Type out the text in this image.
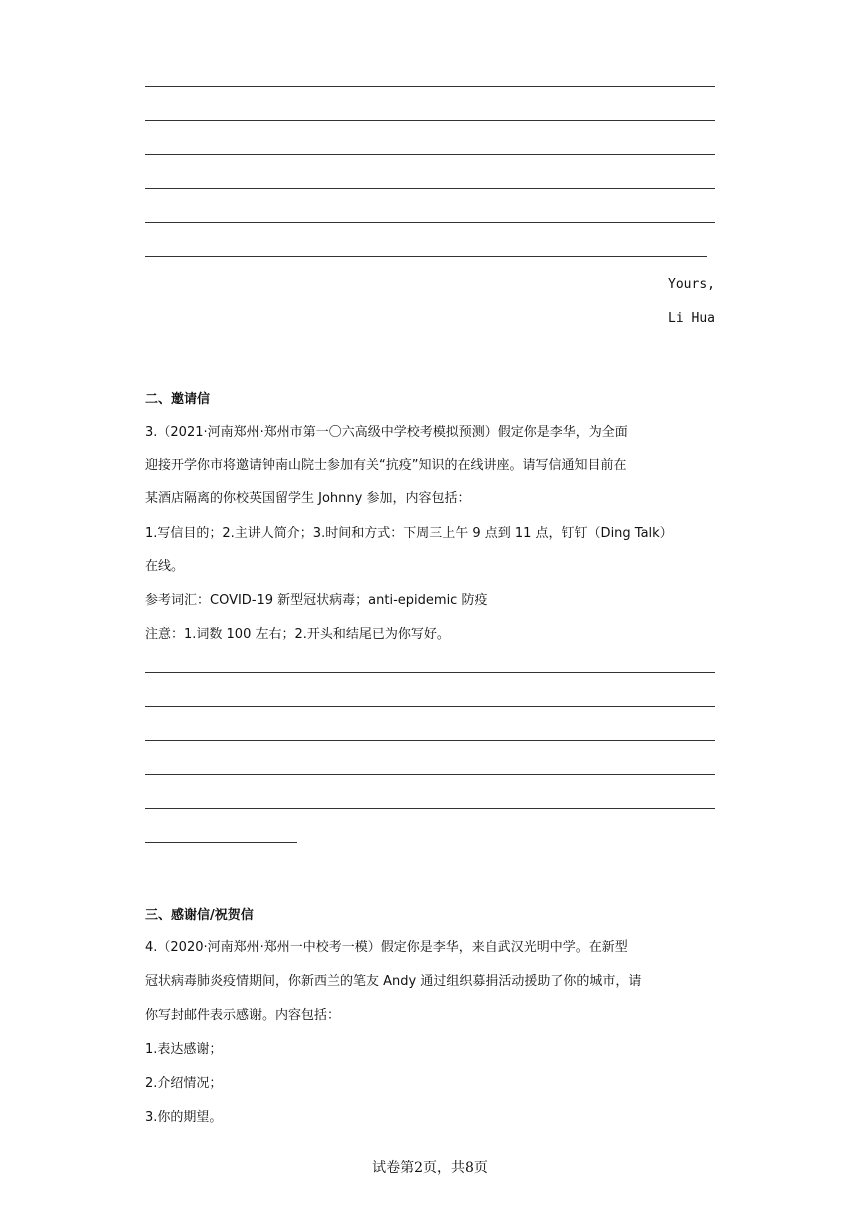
Yours,
Li Hua
二、邀请信
3.（2021·河南郑州·郑州市第一〇六高级中学校考模拟预测）假定你是李华，为全面
迎接开学你市将邀请钟南山院士参加有关“抗疫”知识的在线讲座。请写信通知目前在
某酒店隔离的你校英国留学生 Johnny 参加，内容包括：
1.写信目的；2.主讲人简介；3.时间和方式：下周三上午 9 点到 11 点，钉钉（Ding Talk）
在线。
参考词汇：COVID-19 新型冠状病毒；anti-epidemic 防疫
注意：1.词数 100 左右；2.开头和结尾已为你写好。
三、感谢信/祝贺信
4.（2020·河南郑州·郑州一中校考一模）假定你是李华，来自武汉光明中学。在新型
冠状病毒肺炎疫情期间，你新西兰的笔友 Andy 通过组织募捐活动援助了你的城市，请
你写封邮件表示感谢。内容包括：
1.表达感谢；
2.介绍情况；
3.你的期望。
试卷第2页，共8页
